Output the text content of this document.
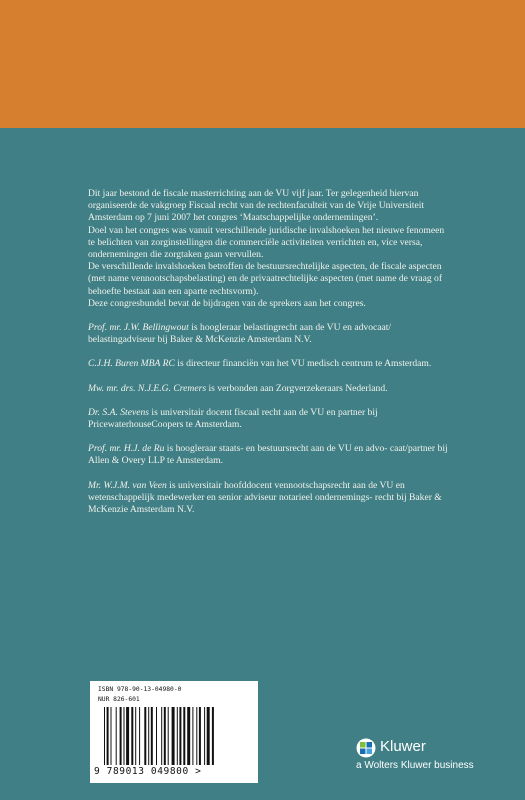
Dit jaar bestond de fiscale masterrichting aan de VU vijf jaar. Ter gelegenheid hiervan organiseerde de vakgroep Fiscaal recht van de rechtenfaculteit van de Vrije Universiteit Amsterdam op 7 juni 2007 het congres ‘Maatschappelijke ondernemingen’.

Doel van het congres was vanuit verschillende juridische invalshoeken het nieuwe fenomeen te belichten van zorginstellingen die commerciële activiteiten verrichten en, vice versa, ondernemingen die zorgtaken gaan vervullen.

De verschillende invalshoeken betroffen de bestuursrechtelijke aspecten, de fiscale aspecten (met name vennootschapsbelasting) en de privaatrechtelijke aspecten (met name de vraag of behoefte bestaat aan een aparte rechtsvorm).

Deze congresbundel bevat de bijdragen van de sprekers aan het congres.

Prof. mr. J.W. Bellingwout is hoogleraar belastingrecht aan de VU en advocaat/ belastingadviseur bij Baker & McKenzie Amsterdam N.V.

C.J.H. Buren MBA RC is directeur financiën van het VU medisch centrum te Amsterdam.

Mw. mr. drs. N.J.E.G. Cremers is verbonden aan Zorgverzekeraars Nederland.

Dr. S.A. Stevens is universitair docent fiscaal recht aan de VU en partner bij PricewaterhouseCoopers te Amsterdam.

Prof. mr. H.J. de Ru is hoogleraar staats- en bestuursrecht aan de VU en advo- caat/partner bij Allen & Overy LLP te Amsterdam.

Mr. W.J.M. van Veen is universitair hoofddocent vennootschapsrecht aan de VU en wetenschappelijk medewerker en senior adviseur notarieel ondernemings- recht bij Baker & McKenzie Amsterdam N.V.

ISBN 978-90-13-04980-0
NUR 826-601
9 789013 049800 >
Kluwer
a Wolters Kluwer business
